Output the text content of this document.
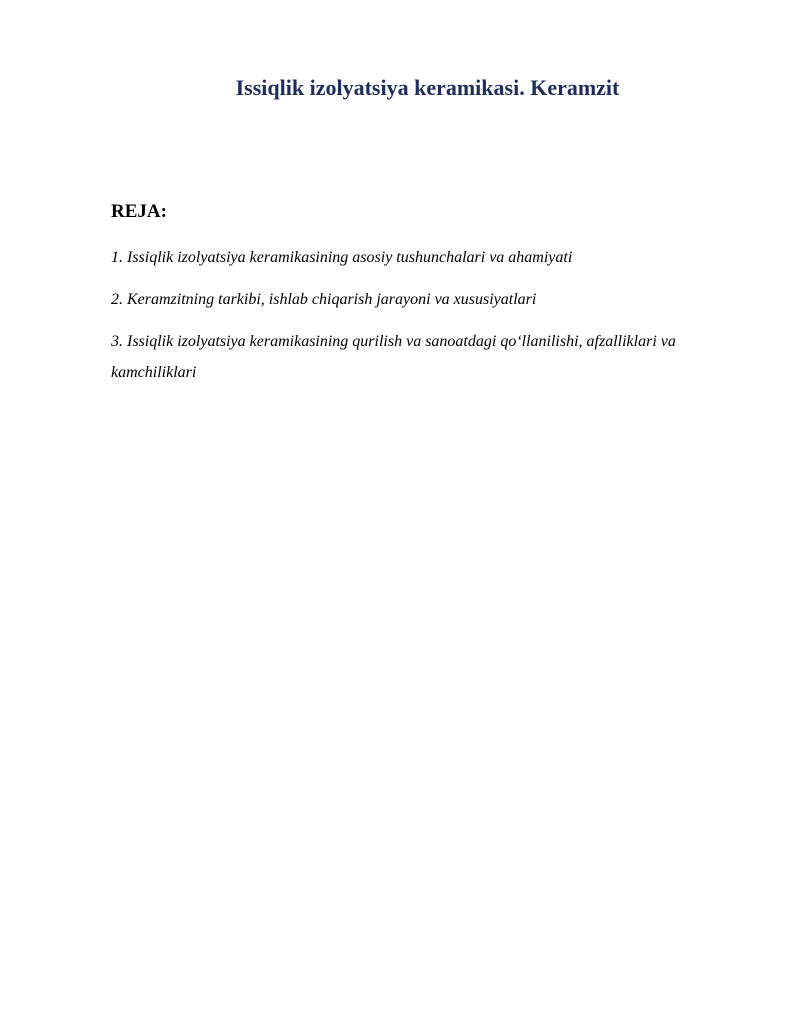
Issiqlik izolyatsiya keramikasi. Keramzit
REJA:
1. Issiqlik izolyatsiya keramikasining asosiy tushunchalari va ahamiyati
2. Keramzitning tarkibi, ishlab chiqarish jarayoni va xususiyatlari
3. Issiqlik izolyatsiya keramikasining qurilish va sanoatdagi qo‘llanilishi, afzalliklari va kamchiliklari
